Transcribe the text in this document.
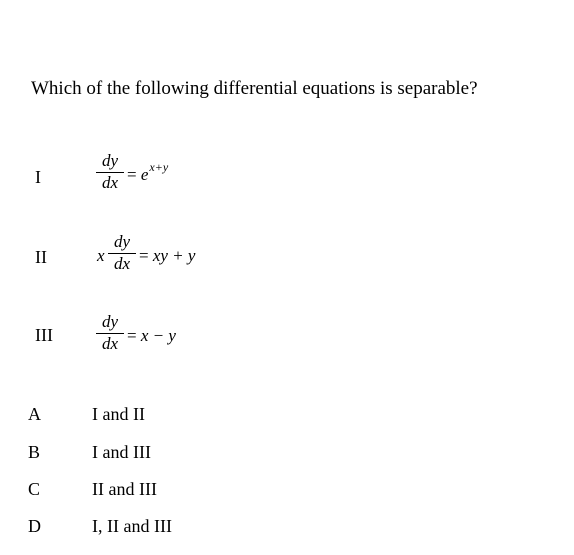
Which of the following differential equations is separable?
I
dy
dx = $e^{x+y}$
II	x
dy
dx = xy + y
III
dy
dx = x − y
A	I and II
B	I and III
C	II and III
D	I, II and III
